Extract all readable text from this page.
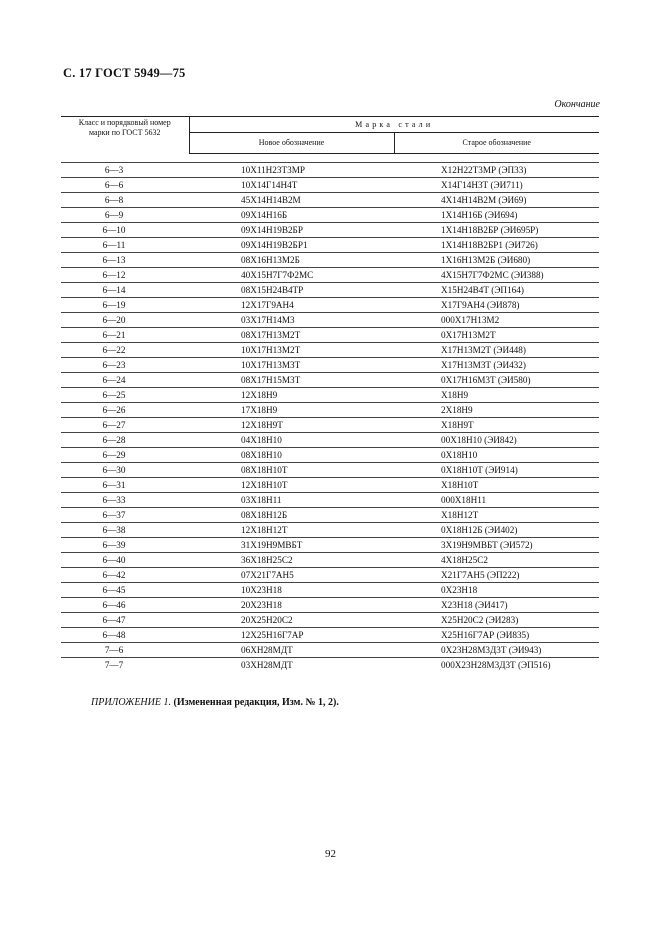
С. 17 ГОСТ 5949—75
Окончание
Класс и порядковый номер
марки по ГОСТ 5632	Марка стали	
	Новое обозначение	Старое обозначение

6—3	10Х11Н23Т3МР	Х12Н22Т3МР (ЭП33)
6—6	10Х14Г14Н4Т	Х14Г14Н3Т (ЭИ711)
6—8	45Х14Н14В2М	4Х14Н14В2М (ЭИ69)
6—9	09Х14Н16Б	1Х14Н16Б (ЭИ694)
6—10	09Х14Н19В2БР	1Х14Н18В2БР (ЭИ695Р)
6—11	09Х14Н19В2БР1	1Х14Н18В2БР1 (ЭИ726)
6—13	08Х16Н13М2Б	1Х16Н13М2Б (ЭИ680)
6—12	40Х15Н7Г7Ф2МС	4Х15Н7Г7Ф2МС (ЭИ388)
6—14	08Х15Н24В4ТР	Х15Н24В4Т (ЭП164)
6—19	12Х17Г9АН4	Х17Г9АН4 (ЭИ878)
6—20	03Х17Н14М3	000Х17Н13М2
6—21	08Х17Н13М2Т	0Х17Н13М2Т
6—22	10Х17Н13М2Т	Х17Н13М2Т (ЭИ448)
6—23	10Х17Н13М3Т	Х17Н13М3Т (ЭИ432)
6—24	08Х17Н15М3Т	0Х17Н16М3Т (ЭИ580)
6—25	12Х18Н9	Х18Н9
6—26	17Х18Н9	2Х18Н9
6—27	12Х18Н9Т	Х18Н9Т
6—28	04Х18Н10	00Х18Н10 (ЭИ842)
6—29	08Х18Н10	0Х18Н10
6—30	08Х18Н10Т	0Х18Н10Т (ЭИ914)
6—31	12Х18Н10Т	Х18Н10Т
6—33	03Х18Н11	000Х18Н11
6—37	08Х18Н12Б	Х18Н12Т
6—38	12Х18Н12Т	0Х18Н12Б (ЭИ402)
6—39	31Х19Н9МВБТ	3Х19Н9МВБТ (ЭИ572)
6—40	36Х18Н25С2	4Х18Н25С2
6—42	07Х21Г7АН5	Х21Г7АН5 (ЭП222)
6—45	10Х23Н18	0Х23Н18
6—46	20Х23Н18	Х23Н18 (ЭИ417)
6—47	20Х25Н20С2	Х25Н20С2 (ЭИ283)
6—48	12Х25Н16Г7АР	Х25Н16Г7АР (ЭИ835)
7—6	06ХН28МДТ	0Х23Н28М3Д3Т (ЭИ943)
7—7	03ХН28МДТ	000Х23Н28М3Д3Т (ЭП516)
ПРИЛОЖЕНИЕ 1. (Измененная редакция, Изм. № 1, 2).
92
